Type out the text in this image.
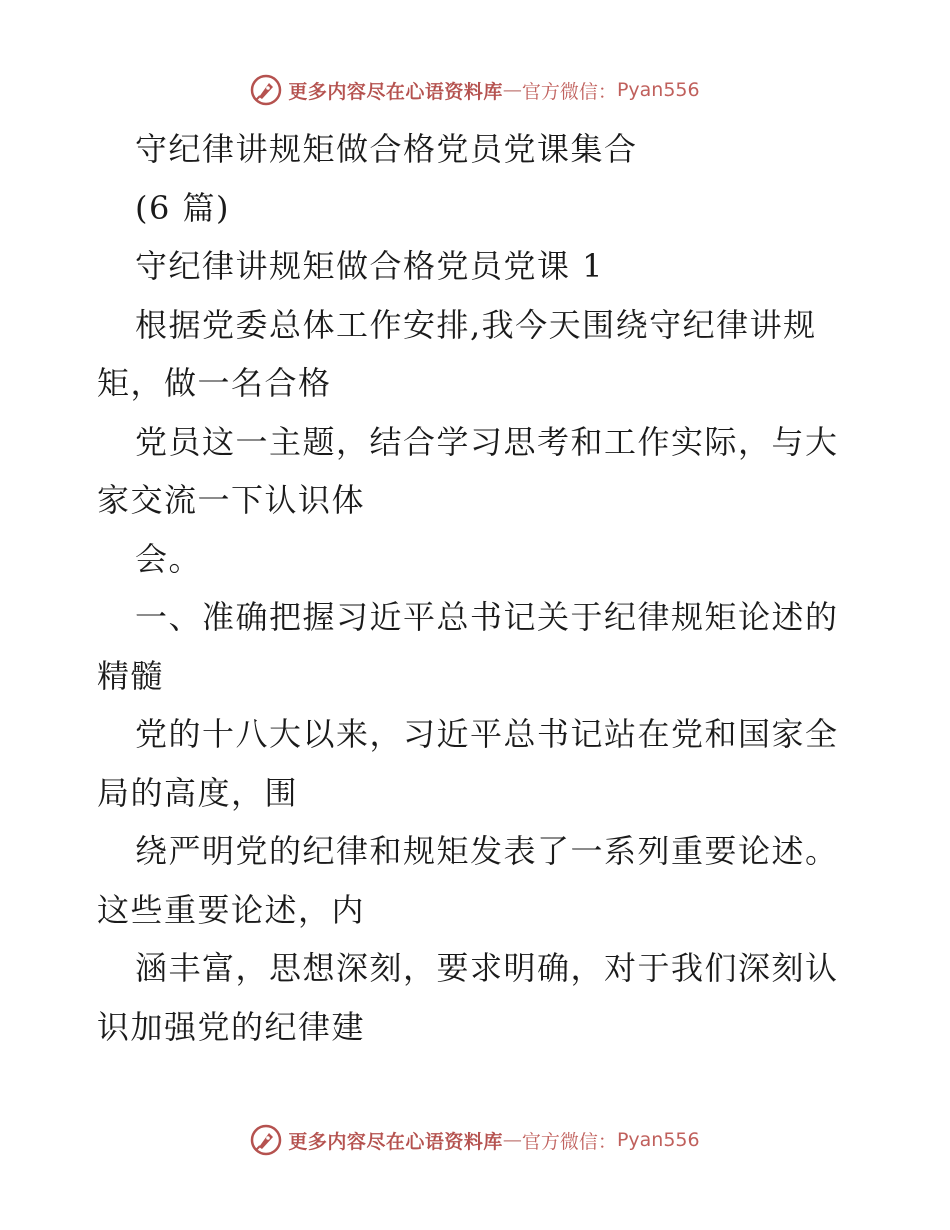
更多内容尽在心语资料库 — 官方微信： Pyan556
守纪律讲规矩做合格党员党课集合
(6 篇)
守纪律讲规矩做合格党员党课 1
根据党委总体工作安排,我今天围绕守纪律讲规
矩，做一名合格
党员这一主题，结合学习思考和工作实际，与大
家交流一下认识体
会。
一、准确把握习近平总书记关于纪律规矩论述的
精髓
党的十八大以来，习近平总书记站在党和国家全
局的高度，围
绕严明党的纪律和规矩发表了一系列重要论述。
这些重要论述，内
涵丰富，思想深刻，要求明确，对于我们深刻认
识加强党的纪律建
更多内容尽在心语资料库 — 官方微信： Pyan556
